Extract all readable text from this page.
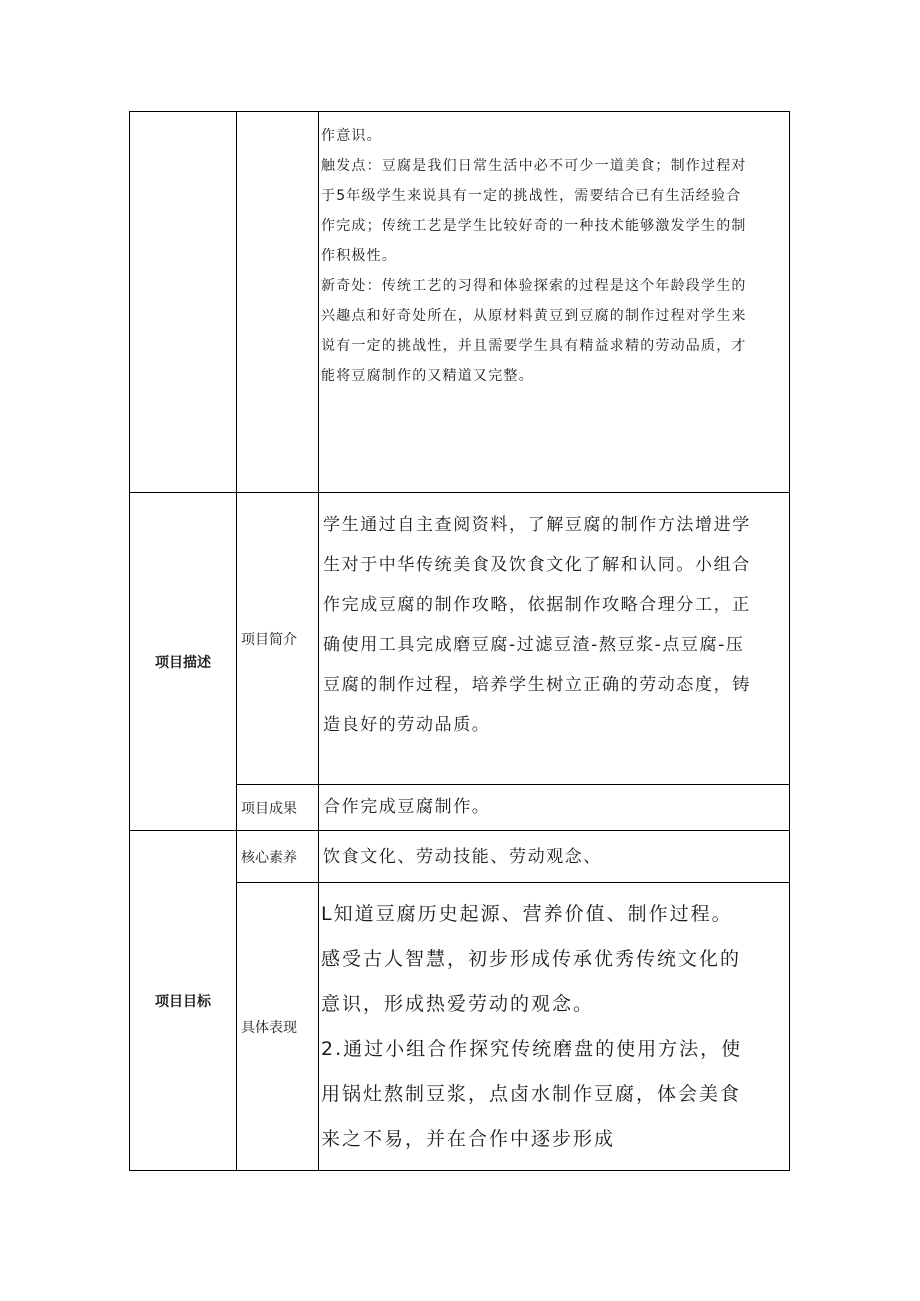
作意识。

触发点：豆腐是我们日常生活中必不可少一道美食；制作过程对

于5年级学生来说具有一定的挑战性，需要结合已有生活经验合

作完成；传统工艺是学生比较好奇的一种技术能够激发学生的制

作积极性。

新奇处：传统工艺的习得和体验探索的过程是这个年龄段学生的

兴趣点和好奇处所在，从原材料黄豆到豆腐的制作过程对学生来

说有一定的挑战性，并且需要学生具有精益求精的劳动品质，才

能将豆腐制作的又精道又完整。

项目描述
项目简介

学生通过自主查阅资料，了解豆腐的制作方法增进学

生对于中华传统美食及饮食文化了解和认同。小组合

作完成豆腐的制作攻略，依据制作攻略合理分工，正

确使用工具完成磨豆腐-过滤豆渣-熬豆浆-点豆腐-压

豆腐的制作过程，培养学生树立正确的劳动态度，铸

造良好的劳动品质。

项目成果	合作完成豆腐制作。
项目目标
核心素养	饮食文化、劳动技能、劳动观念、
具体表现

L知道豆腐历史起源、营养价值、制作过程。

感受古人智慧，初步形成传承优秀传统文化的

意识，形成热爱劳动的观念。

2.通过小组合作探究传统磨盘的使用方法，使

用锅灶熬制豆浆，点卤水制作豆腐，体会美食

来之不易，并在合作中逐步形成
